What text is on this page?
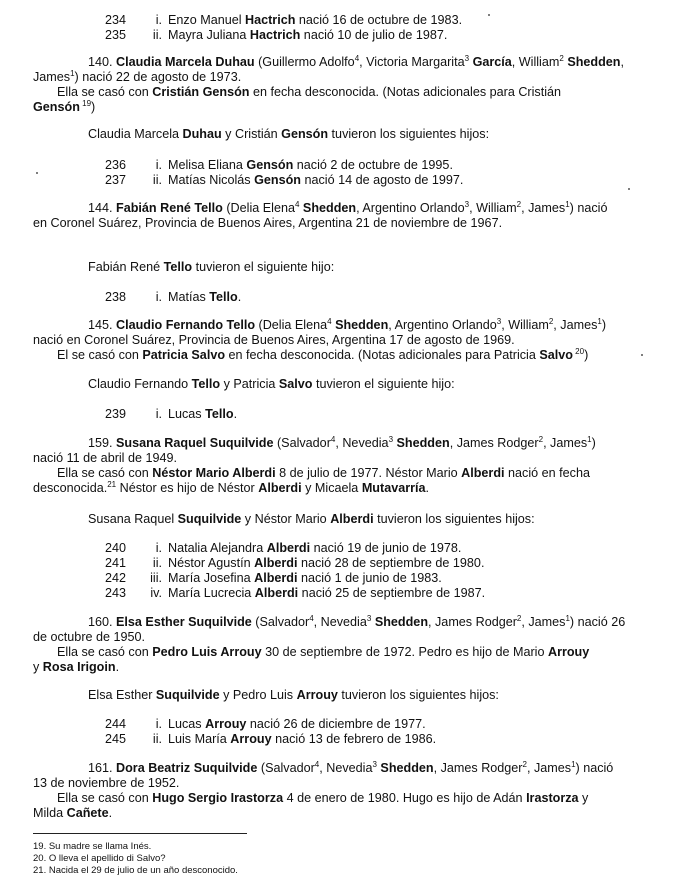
234 i. Enzo Manuel Hactrich nació 16 de octubre de 1983.
235 ii. Mayra Juliana Hactrich nació 10 de julio de 1987.
140. Claudia Marcela Duhau (Guillermo Adolfo$^4$, Victoria Margarita$^3$ García, William$^2$ Shedden,
James$^1$) nació 22 de agosto de 1973.
Ella se casó con Cristián Gensón en fecha desconocida. (Notas adicionales para Cristián
Gensón $^{19}$)
Claudia Marcela Duhau y Cristián Gensón tuvieron los siguientes hijos:
236 i. Melisa Eliana Gensón nació 2 de octubre de 1995.
237 ii. Matías Nicolás Gensón nació 14 de agosto de 1997.
144. Fabián René Tello (Delia Elena$^4$ Shedden, Argentino Orlando$^3$, William$^2$, James$^1$) nació
en Coronel Suárez, Provincia de Buenos Aires, Argentina 21 de noviembre de 1967.
Fabián René Tello tuvieron el siguiente hijo:
238 i. Matías Tello.
145. Claudio Fernando Tello (Delia Elena$^4$ Shedden, Argentino Orlando$^3$, William$^2$, James$^1$)
nació en Coronel Suárez, Provincia de Buenos Aires, Argentina 17 de agosto de 1969.
El se casó con Patricia Salvo en fecha desconocida. (Notas adicionales para Patricia Salvo $^{20}$)
Claudio Fernando Tello y Patricia Salvo tuvieron el siguiente hijo:
239 i. Lucas Tello.
159. Susana Raquel Suquilvide (Salvador$^4$, Nevedia$^3$ Shedden, James Rodger$^2$, James$^1$)
nació 11 de abril de 1949.
Ella se casó con Néstor Mario Alberdi 8 de julio de 1977. Néstor Mario Alberdi nació en fecha
desconocida.$^{21}$ Néstor es hijo de Néstor Alberdi y Micaela Mutavarría.
Susana Raquel Suquilvide y Néstor Mario Alberdi tuvieron los siguientes hijos:
240 i. Natalia Alejandra Alberdi nació 19 de junio de 1978.
241 ii. Néstor Agustín Alberdi nació 28 de septiembre de 1980.
242 iii. María Josefina Alberdi nació 1 de junio de 1983.
243 iv. María Lucrecia Alberdi nació 25 de septiembre de 1987.
160. Elsa Esther Suquilvide (Salvador$^4$, Nevedia$^3$ Shedden, James Rodger$^2$, James$^1$) nació 26
de octubre de 1950.
Ella se casó con Pedro Luis Arrouy 30 de septiembre de 1972. Pedro es hijo de Mario Arrouy
y Rosa Irigoin.
Elsa Esther Suquilvide y Pedro Luis Arrouy tuvieron los siguientes hijos:
244 i. Lucas Arrouy nació 26 de diciembre de 1977.
245 ii. Luis María Arrouy nació 13 de febrero de 1986.
161. Dora Beatriz Suquilvide (Salvador$^4$, Nevedia$^3$ Shedden, James Rodger$^2$, James$^1$) nació
13 de noviembre de 1952.
Ella se casó con Hugo Sergio Irastorza 4 de enero de 1980. Hugo es hijo de Adán Irastorza y
Milda Cañete.
19. Su madre se llama Inés.
20. O lleva el apellido di Salvo?
21. Nacida el 29 de julio de un año desconocido.
